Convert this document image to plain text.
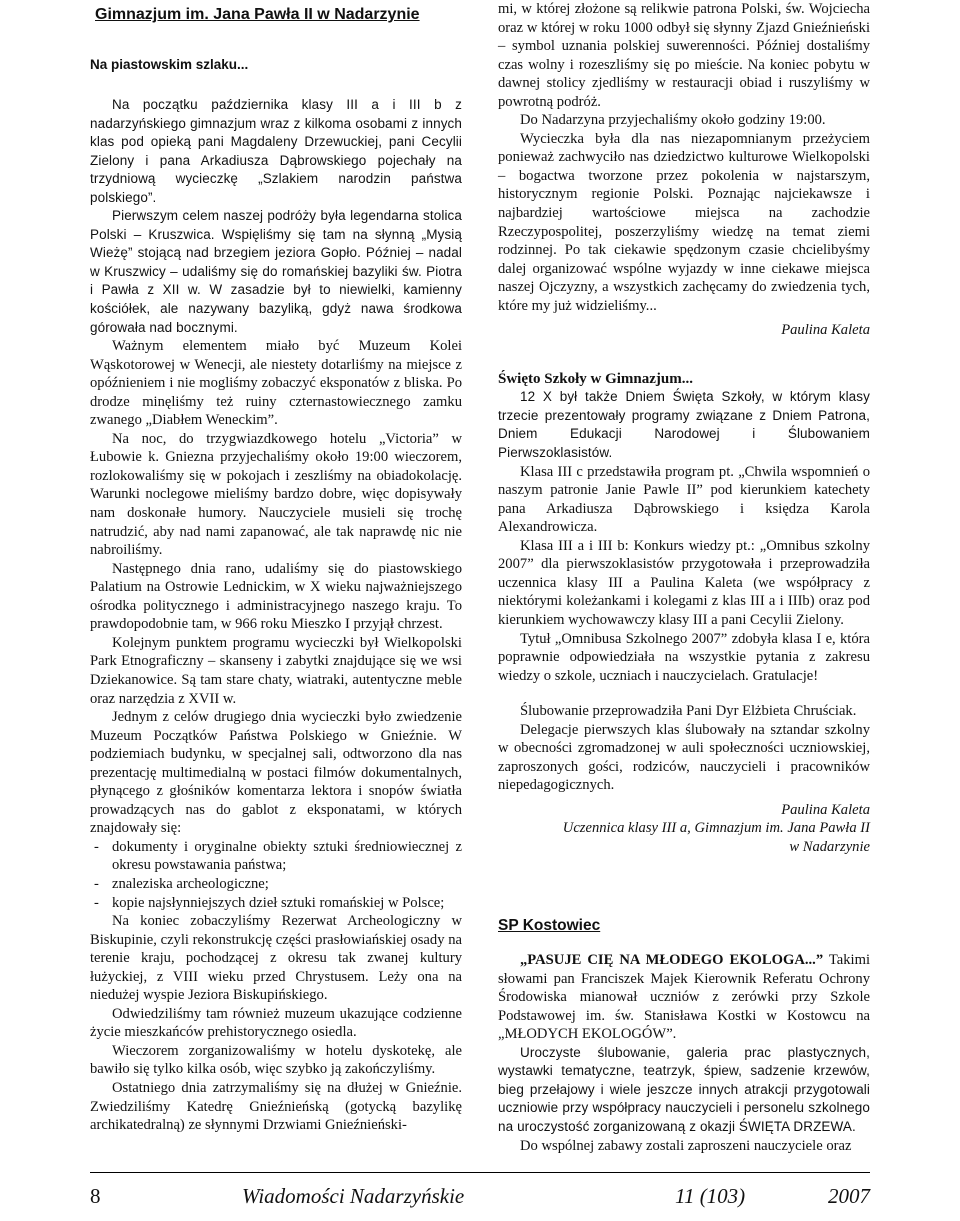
Gimnazjum im. Jana Pawła II w Nadarzynie
Na piastowskim szlaku...

Na początku października klasy III a i III b z nadarzyńskiego gimnazjum wraz z kilkoma osobami z innych klas pod opieką pani Magdaleny Drzewuckiej, pani Cecylii Zielony i pana Arkadiusza Dąbrowskiego pojechały na trzydniową wycieczkę „Szlakiem narodzin państwa polskiego”.

Pierwszym celem naszej podróży była legendarna stolica Polski – Kruszwica. Wspięliśmy się tam na słynną „Mysią Wieżę” stojącą nad brzegiem jeziora Gopło. Później – nadal w Kruszwicy – udaliśmy się do romańskiej bazyliki św. Piotra i Pawła z XII w. W zasadzie był to niewielki, kamienny kościółek, ale nazywany bazyliką, gdyż nawa środkowa górowała nad bocznymi.

Ważnym elementem miało być Muzeum Kolei Wąskotorowej w Wenecji, ale niestety dotarliśmy na miejsce z opóźnieniem i nie mogliśmy zobaczyć eksponatów z bliska. Po drodze minęliśmy też ruiny czternastowiecznego zamku zwanego „Diabłem Weneckim”.

Na noc, do trzygwiazdkowego hotelu „Victoria” w Łubowie k. Gniezna przyjechaliśmy około 19:00 wieczorem, rozlokowaliśmy się w pokojach i zeszliśmy na obiadokolację. Warunki noclegowe mieliśmy bardzo dobre, więc dopisywały nam doskonałe humory. Nauczyciele musieli się trochę natrudzić, aby nad nami zapanować, ale tak naprawdę nic nie nabroiliśmy.

Następnego dnia rano, udaliśmy się do piastowskiego Palatium na Ostrowie Lednickim, w X wieku najważniejszego ośrodka politycznego i administracyjnego naszego kraju. To prawdopodobnie tam, w 966 roku Mieszko I przyjął chrzest.

Kolejnym punktem programu wycieczki był Wielkopolski Park Etnograficzny – skanseny i zabytki znajdujące się we wsi Dziekanowice. Są tam stare chaty, wiatraki, autentyczne meble oraz narzędzia z XVII w.

Jednym z celów drugiego dnia wycieczki było zwiedzenie Muzeum Początków Państwa Polskiego w Gnieźnie. W podziemiach budynku, w specjalnej sali, odtworzono dla nas prezentację multimedialną w postaci filmów dokumentalnych, płynącego z głośników komentarza lektora i snopów światła prowadzących nas do gablot z eksponatami, w których znajdowały się:

- dokumenty i oryginalne obiekty sztuki średniowiecznej z okresu powstawania państwa;
- znaleziska archeologiczne;
- kopie najsłynniejszych dzieł sztuki romańskiej w Polsce;

Na koniec zobaczyliśmy Rezerwat Archeologiczny w Biskupinie, czyli rekonstrukcję części prasłowiańskiej osady na terenie kraju, pochodzącej z okresu tak zwanej kultury łużyckiej, z VIII wieku przed Chrystusem. Leży ona na niedużej wyspie Jeziora Biskupińskiego.

Odwiedziliśmy tam również muzeum ukazujące codzienne życie mieszkańców prehistorycznego osiedla.

Wieczorem zorganizowaliśmy w hotelu dyskotekę, ale bawiło się tylko kilka osób, więc szybko ją zakończyliśmy.

Ostatniego dnia zatrzymaliśmy się na dłużej w Gnieźnie. Zwiedziliśmy Katedrę Gnieźnieńską (gotycką bazylikę archikatedralną) ze słynnymi Drzwiami Gnieźnieński-

mi, w której złożone są relikwie patrona Polski, św. Wojciecha oraz w której w roku 1000 odbył się słynny Zjazd Gnieźnieński – symbol uznania polskiej suwerenności. Później dostaliśmy czas wolny i rozeszliśmy się po mieście. Na koniec pobytu w dawnej stolicy zjedliśmy w restauracji obiad i ruszyliśmy w powrotną podróż.

Do Nadarzyna przyjechaliśmy około godziny 19:00.

Wycieczka była dla nas niezapomnianym przeżyciem ponieważ zachwyciło nas dziedzictwo kulturowe Wielkopolski – bogactwa tworzone przez pokolenia w najstarszym, historycznym regionie Polski. Poznając najciekawsze i najbardziej wartościowe miejsca na zachodzie Rzeczypospolitej, poszerzyliśmy wiedzę na temat ziemi rodzinnej. Po tak ciekawie spędzonym czasie chcielibyśmy dalej organizować wspólne wyjazdy w inne ciekawe miejsca naszej Ojczyzny, a wszystkich zachęcamy do zwiedzenia tych, które my już widzieliśmy...

Paulina Kaleta
Święto Szkoły w Gimnazjum...

12 X był także Dniem Święta Szkoły, w którym klasy trzecie prezentowały programy związane z Dniem Patrona, Dniem Edukacji Narodowej i Ślubowaniem Pierwszoklasistów.

Klasa III c przedstawiła program pt. „Chwila wspomnień o naszym patronie Janie Pawle II” pod kierunkiem katechety pana Arkadiusza Dąbrowskiego i księdza Karola Alexandrowicza.

Klasa III a i III b: Konkurs wiedzy pt.: „Omnibus szkolny 2007” dla pierwszoklasistów przygotowała i przeprowadziła uczennica klasy III a Paulina Kaleta (we współpracy z niektórymi koleżankami i kolegami z klas III a i IIIb) oraz pod kierunkiem wychowawczy klasy III a pani Cecylii Zielony.

Tytuł „Omnibusa Szkolnego 2007” zdobyła klasa I e, która poprawnie odpowiedziała na wszystkie pytania z zakresu wiedzy o szkole, uczniach i nauczycielach. Gratulacje!

Ślubowanie przeprowadziła Pani Dyr Elżbieta Chruściak.

Delegacje pierwszych klas ślubowały na sztandar szkolny w obecności zgromadzonej w auli społeczności uczniowskiej, zaproszonych gości, rodziców, nauczycieli i pracowników niepedagogicznych.

Paulina Kaleta
Uczennica klasy III a, Gimnazjum im. Jana Pawła II
w Nadarzynie
SP Kostowiec

„PASUJE CIĘ NA MŁODEGO EKOLOGA...” Takimi słowami pan Franciszek Majek Kierownik Referatu Ochrony Środowiska mianował uczniów z zerówki przy Szkole Podstawowej im. św. Stanisława Kostki w Kostowcu na „MŁODYCH EKOLOGÓW”.

Uroczyste ślubowanie, galeria prac plastycznych, wystawki tematyczne, teatrzyk, śpiew, sadzenie krzewów, bieg przełajowy i wiele jeszcze innych atrakcji przygotowali uczniowie przy współpracy nauczycieli i personelu szkolnego na uroczystość zorganizowaną z okazji ŚWIĘTA DRZEWA.

Do wspólnej zabawy zostali zaproszeni nauczyciele oraz

8	Wiadomości Nadarzyńskie	11 (103)	2007
